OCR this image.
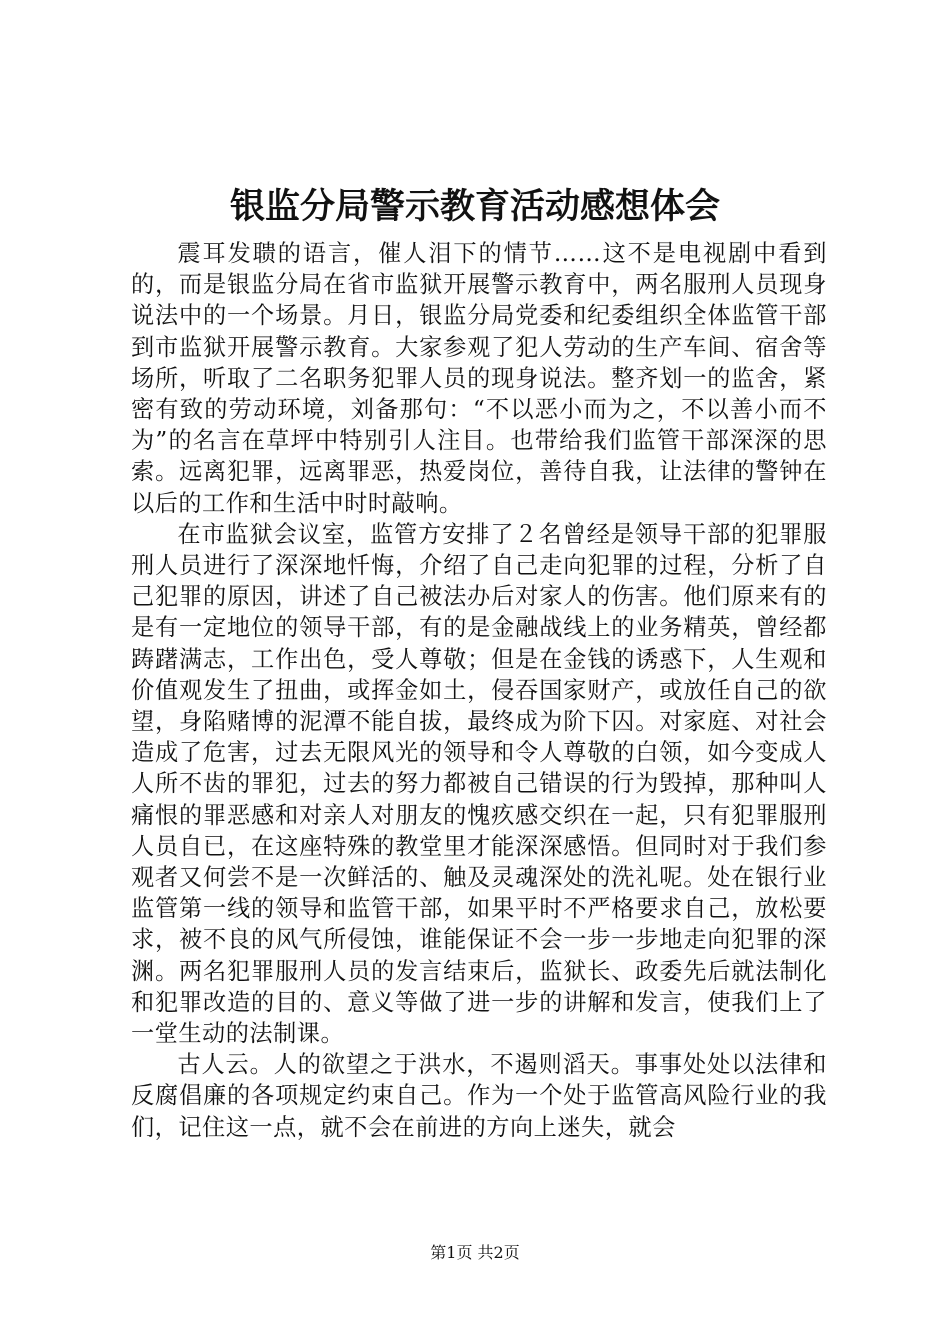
银监分局警示教育活动感想体会

震耳发聩的语言，催人泪下的情节……这不是电视剧中看到的，而是银监分局在省市监狱开展警示教育中，两名服刑人员现身说法中的一个场景。月日，银监分局党委和纪委组织全体监管干部到市监狱开展警示教育。大家参观了犯人劳动的生产车间、宿舍等场所，听取了二名职务犯罪人员的现身说法。整齐划一的监舍，紧密有致的劳动环境，刘备那句：“不以恶小而为之，不以善小而不为”的名言在草坪中特别引人注目。也带给我们监管干部深深的思索。远离犯罪，远离罪恶，热爱岗位，善待自我，让法律的警钟在以后的工作和生活中时时敲响。

在市监狱会议室，监管方安排了２名曾经是领导干部的犯罪服刑人员进行了深深地忏悔，介绍了自己走向犯罪的过程，分析了自己犯罪的原因，讲述了自己被法办后对家人的伤害。他们原来有的是有一定地位的领导干部，有的是金融战线上的业务精英，曾经都踌躇满志，工作出色，受人尊敬；但是在金钱的诱惑下，人生观和价值观发生了扭曲，或挥金如土，侵吞国家财产，或放任自己的欲望，身陷赌博的泥潭不能自拔，最终成为阶下囚。对家庭、对社会造成了危害，过去无限风光的领导和令人尊敬的白领，如今变成人人所不齿的罪犯，过去的努力都被自己错误的行为毁掉，那种叫人痛恨的罪恶感和对亲人对朋友的愧疚感交织在一起，只有犯罪服刑人员自已，在这座特殊的教堂里才能深深感悟。但同时对于我们参观者又何尝不是一次鲜活的、触及灵魂深处的洗礼呢。处在银行业监管第一线的领导和监管干部，如果平时不严格要求自己，放松要求，被不良的风气所侵蚀，谁能保证不会一步一步地走向犯罪的深渊。两名犯罪服刑人员的发言结束后，监狱长、政委先后就法制化和犯罪改造的目的、意义等做了进一步的讲解和发言，使我们上了一堂生动的法制课。

古人云。人的欲望之于洪水，不遏则滔天。事事处处以法律和反腐倡廉的各项规定约束自己。作为一个处于监管高风险行业的我们，记住这一点，就不会在前进的方向上迷失，就会

第1页 共2页
